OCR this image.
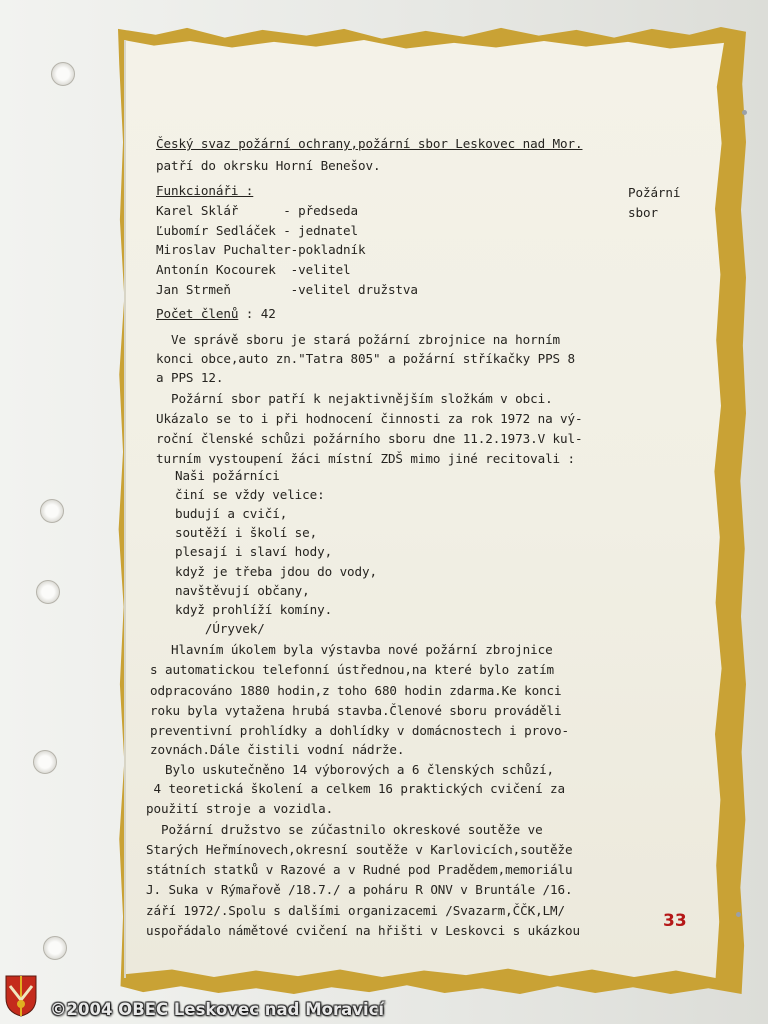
Český svaz požární ochrany,požární sbor Leskovec nad Mor.

patří do okrsku Horní Benešov.

Funkcionáři :	Požární

sbor

Karel Sklář      - předseda

Ľubomír Sedláček - jednatel

Miroslav Puchalter-pokladník

Antonín Kocourek  -velitel

Jan Strmeň        -velitel družstva

Počet členů : 42

Ve správě sboru je stará požární zbrojnice na horním

konci obce,auto zn."Tatra 805" a požární stříkačky PPS 8

a PPS 12.

Požární sbor patří k nejaktivnějším složkám v obci.

Ukázalo se to i při hodnocení činnosti za rok 1972 na vý-

roční členské schůzi požárního sboru dne 11.2.1973.V kul-

turním vystoupení žáci místní ZDŠ mimo jiné recitovali :

Naši požárníci

činí se vždy velice:

budují a cvičí,

soutěží i školí se,

plesají i slaví hody,

když je třeba jdou do vody,

navštěvují občany,

když prohlíží komíny.

/Úryvek/

Hlavním úkolem byla výstavba nové požární zbrojnice

s automatickou telefonní ústřednou,na které bylo zatím

odpracováno 1880 hodin,z toho 680 hodin zdarma.Ke konci

roku byla vytažena hrubá stavba.Členové sboru prováděli

preventivní prohlídky a dohlídky v domácnostech i provo-

zovnách.Dále čistili vodní nádrže.

Bylo uskutečněno 14 výborových a 6 členských schůzí,

4 teoretická školení a celkem 16 praktických cvičení za

použití stroje a vozidla.

Požární družstvo se zúčastnilo okreskové soutěže ve

Starých Heřmínovech,okresní soutěže v Karlovicích,soutěže

státních statků v Razové a v Rudné pod Pradědem,memoriálu

J. Suka v Rýmařově /18.7./ a poháru R ONV v Bruntále /16.

září 1972/.Spolu s dalšími organizacemi /Svazarm,ČČK,LM/

uspořádalo námětové cvičení na hřišti v Leskovci s ukázkou	33
©2004 OBEC Leskovec nad Moravicí
